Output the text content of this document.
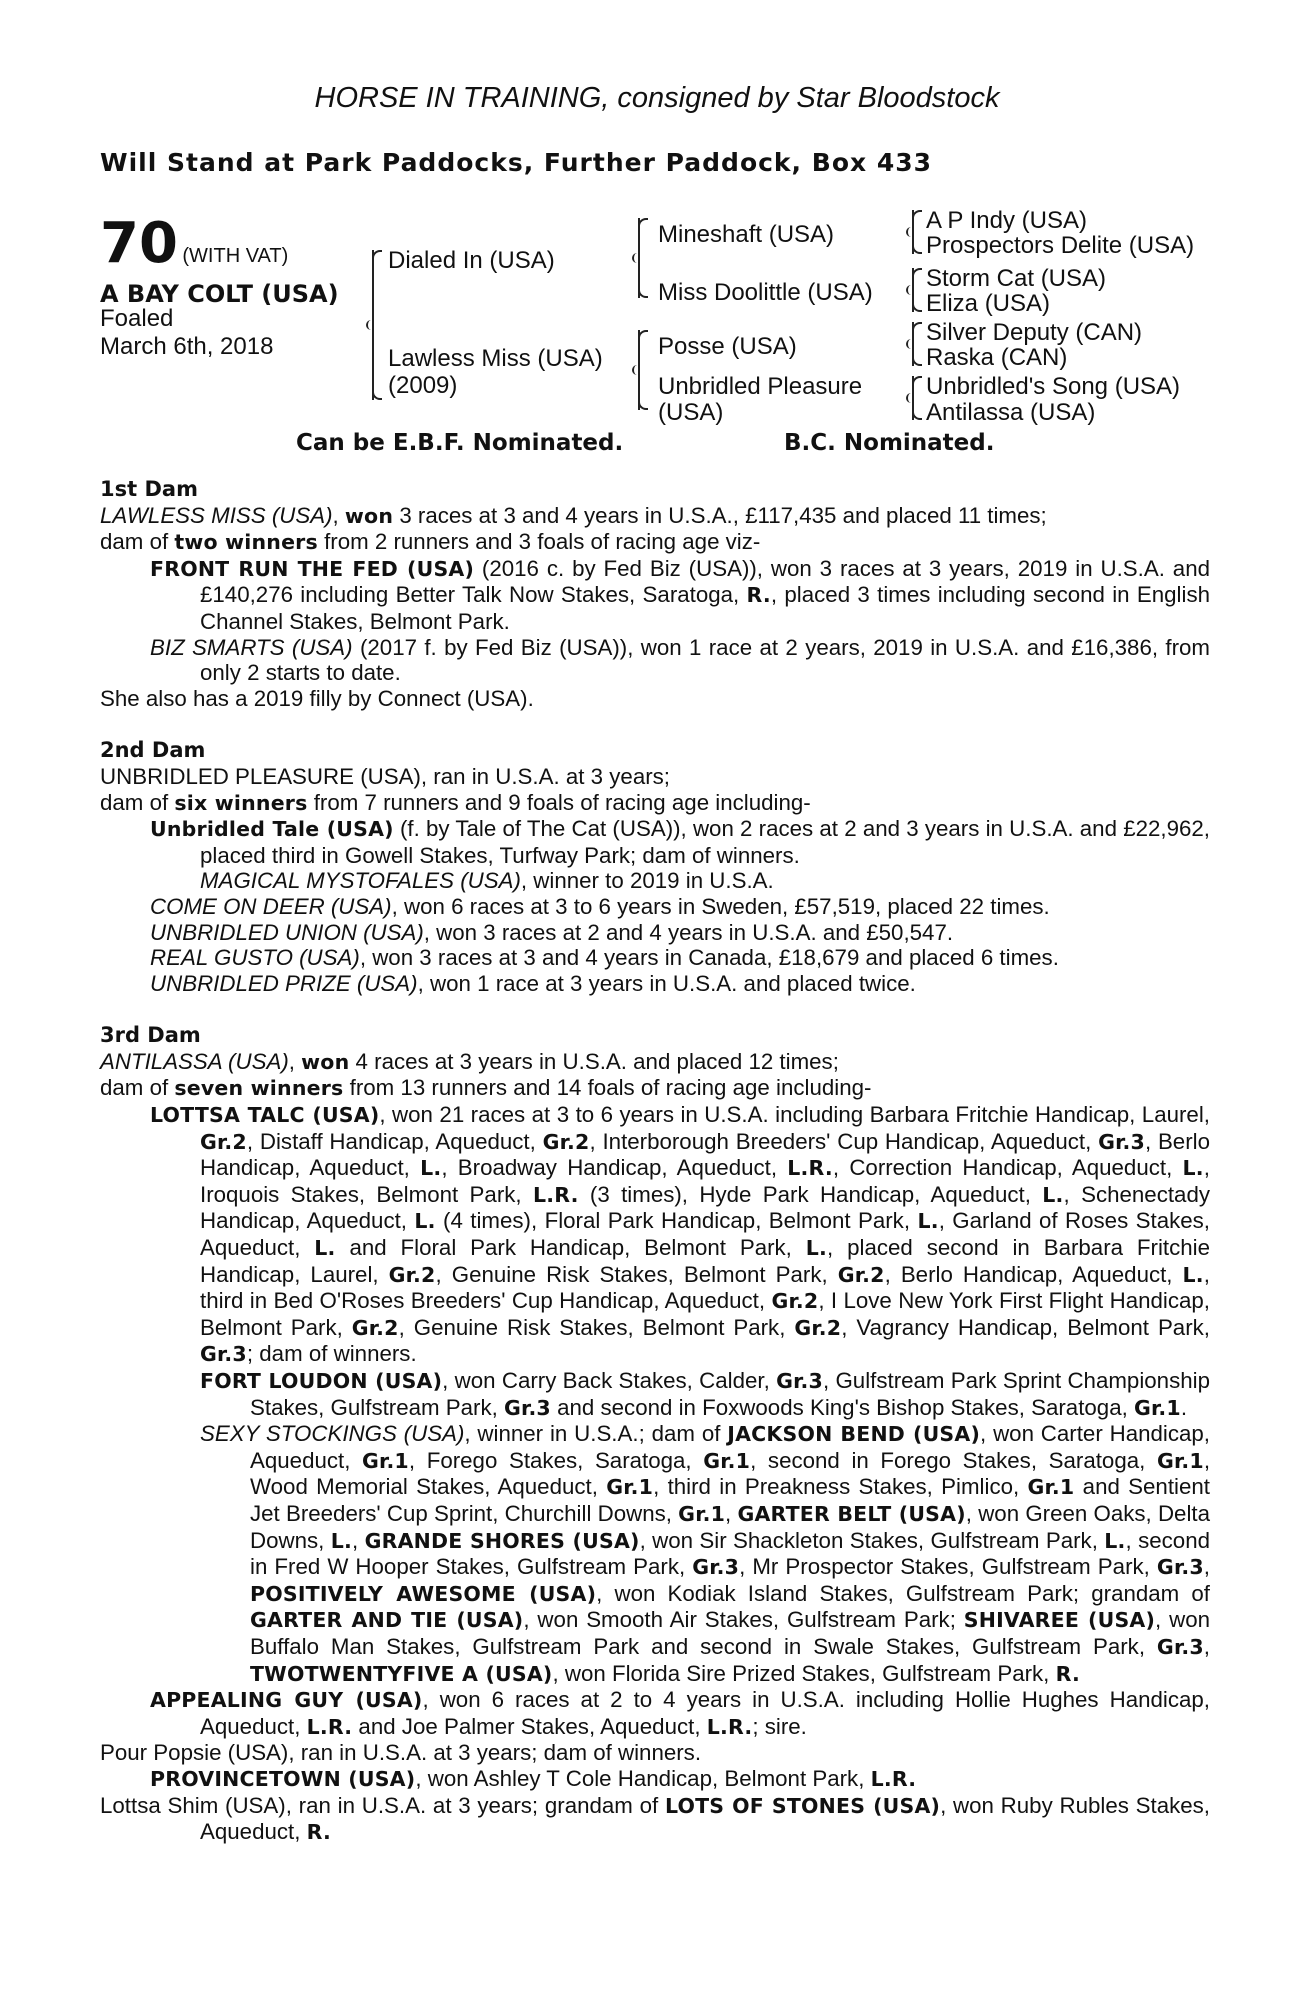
HORSE IN TRAINING, consigned by Star Bloodstock
Will Stand at Park Paddocks, Further Paddock, Box 433
70 (WITH VAT)
A BAY COLT (USA)
Foaled
March 6th, 2018
Dialed In (USA)
Lawless Miss (USA)
(2009)
Mineshaft (USA)
Miss Doolittle (USA)
Posse (USA)
Unbridled Pleasure
(USA)
A P Indy (USA)
Prospectors Delite (USA)
Storm Cat (USA)
Eliza (USA)
Silver Deputy (CAN)
Raska (CAN)
Unbridled's Song (USA)
Antilassa (USA)
Can be E.B.F. Nominated.	B.C. Nominated.

1st Dam

LAWLESS MISS (USA), won 3 races at 3 and 4 years in U.S.A., £117,435 and placed 11 times;

dam of two winners from 2 runners and 3 foals of racing age viz-

FRONT RUN THE FED (USA) (2016 c. by Fed Biz (USA)), won 3 races at 3 years, 2019 in U.S.A. and £140,276 including Better Talk Now Stakes, Saratoga, R., placed 3 times including second in English Channel Stakes, Belmont Park.

BIZ SMARTS (USA) (2017 f. by Fed Biz (USA)), won 1 race at 2 years, 2019 in U.S.A. and £16,386, from only 2 starts to date.

She also has a 2019 filly by Connect (USA).

2nd Dam

UNBRIDLED PLEASURE (USA), ran in U.S.A. at 3 years;

dam of six winners from 7 runners and 9 foals of racing age including-

Unbridled Tale (USA) (f. by Tale of The Cat (USA)), won 2 races at 2 and 3 years in U.S.A. and £22,962, placed third in Gowell Stakes, Turfway Park; dam of winners.

MAGICAL MYSTOFALES (USA), winner to 2019 in U.S.A.

COME ON DEER (USA), won 6 races at 3 to 6 years in Sweden, £57,519, placed 22 times.

UNBRIDLED UNION (USA), won 3 races at 2 and 4 years in U.S.A. and £50,547.

REAL GUSTO (USA), won 3 races at 3 and 4 years in Canada, £18,679 and placed 6 times.

UNBRIDLED PRIZE (USA), won 1 race at 3 years in U.S.A. and placed twice.

3rd Dam

ANTILASSA (USA), won 4 races at 3 years in U.S.A. and placed 12 times;

dam of seven winners from 13 runners and 14 foals of racing age including-

LOTTSA TALC (USA), won 21 races at 3 to 6 years in U.S.A. including Barbara Fritchie Handicap, Laurel, Gr.2, Distaff Handicap, Aqueduct, Gr.2, Interborough Breeders' Cup Handicap, Aqueduct, Gr.3, Berlo Handicap, Aqueduct, L., Broadway Handicap, Aqueduct, L.R., Correction Handicap, Aqueduct, L., Iroquois Stakes, Belmont Park, L.R. (3 times), Hyde Park Handicap, Aqueduct, L., Schenectady Handicap, Aqueduct, L. (4 times), Floral Park Handicap, Belmont Park, L., Garland of Roses Stakes, Aqueduct, L. and Floral Park Handicap, Belmont Park, L., placed second in Barbara Fritchie Handicap, Laurel, Gr.2, Genuine Risk Stakes, Belmont Park, Gr.2, Berlo Handicap, Aqueduct, L., third in Bed O'Roses Breeders' Cup Handicap, Aqueduct, Gr.2, I Love New York First Flight Handicap, Belmont Park, Gr.2, Genuine Risk Stakes, Belmont Park, Gr.2, Vagrancy Handicap, Belmont Park, Gr.3; dam of winners.

FORT LOUDON (USA), won Carry Back Stakes, Calder, Gr.3, Gulfstream Park Sprint Championship Stakes, Gulfstream Park, Gr.3 and second in Foxwoods King's Bishop Stakes, Saratoga, Gr.1.

SEXY STOCKINGS (USA), winner in U.S.A.; dam of JACKSON BEND (USA), won Carter Handicap, Aqueduct, Gr.1, Forego Stakes, Saratoga, Gr.1, second in Forego Stakes, Saratoga, Gr.1, Wood Memorial Stakes, Aqueduct, Gr.1, third in Preakness Stakes, Pimlico, Gr.1 and Sentient Jet Breeders' Cup Sprint, Churchill Downs, Gr.1, GARTER BELT (USA), won Green Oaks, Delta Downs, L., GRANDE SHORES (USA), won Sir Shackleton Stakes, Gulfstream Park, L., second in Fred W Hooper Stakes, Gulfstream Park, Gr.3, Mr Prospector Stakes, Gulfstream Park, Gr.3, POSITIVELY AWESOME (USA), won Kodiak Island Stakes, Gulfstream Park; grandam of GARTER AND TIE (USA), won Smooth Air Stakes, Gulfstream Park; SHIVAREE (USA), won Buffalo Man Stakes, Gulfstream Park and second in Swale Stakes, Gulfstream Park, Gr.3, TWOTWENTYFIVE A (USA), won Florida Sire Prized Stakes, Gulfstream Park, R.

APPEALING GUY (USA), won 6 races at 2 to 4 years in U.S.A. including Hollie Hughes Handicap, Aqueduct, L.R. and Joe Palmer Stakes, Aqueduct, L.R.; sire.

Pour Popsie (USA), ran in U.S.A. at 3 years; dam of winners.

PROVINCETOWN (USA), won Ashley T Cole Handicap, Belmont Park, L.R.

Lottsa Shim (USA), ran in U.S.A. at 3 years; grandam of LOTS OF STONES (USA), won Ruby Rubles Stakes, Aqueduct, R.
